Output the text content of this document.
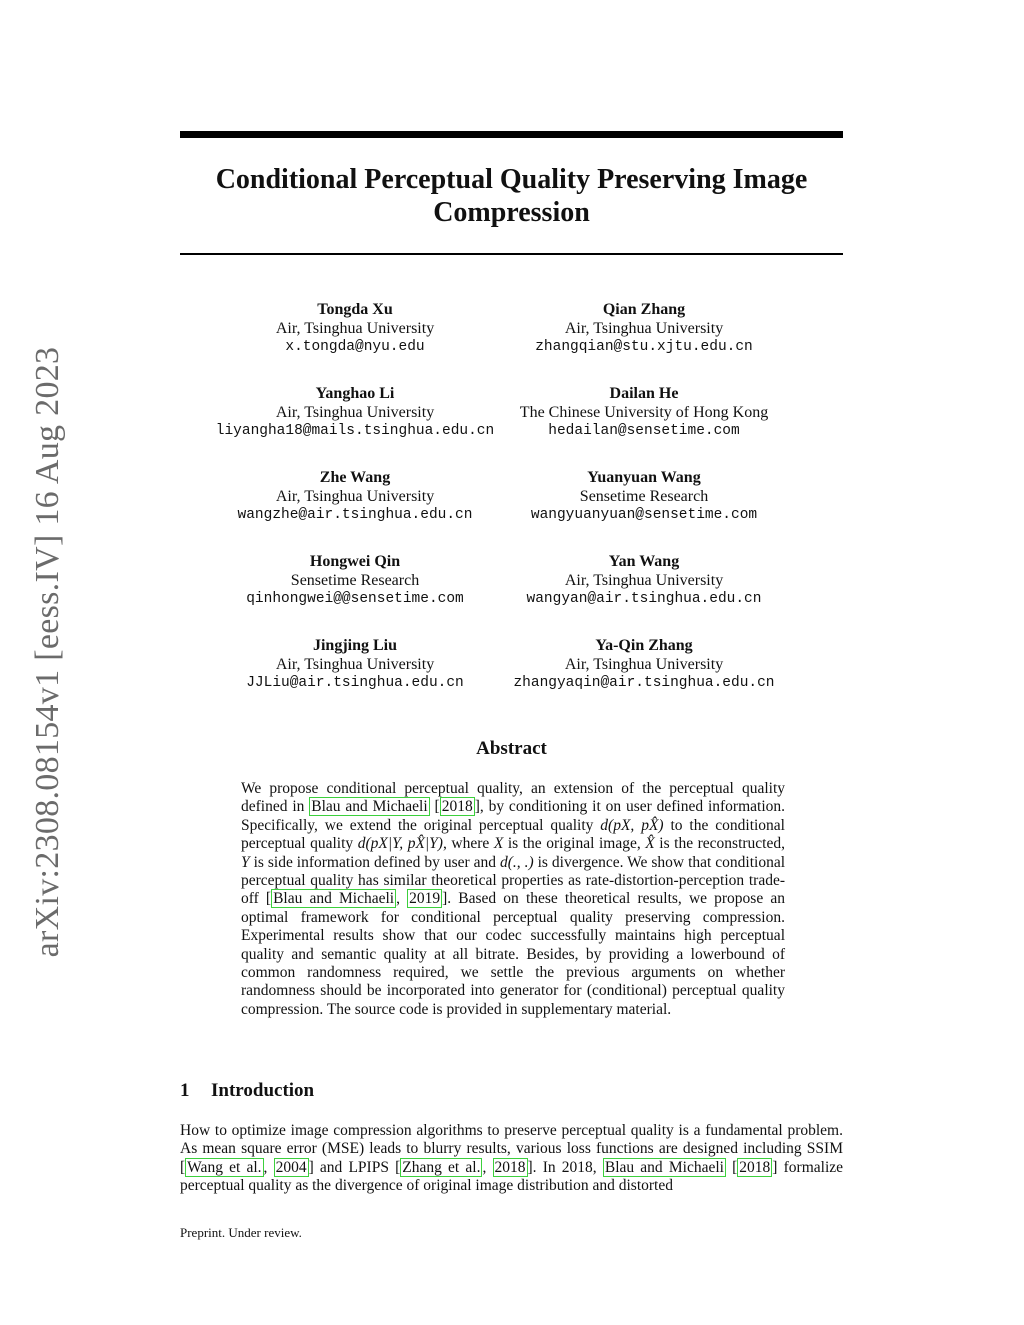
arXiv:2308.08154v1 [eess.IV] 16 Aug 2023
Conditional Perceptual Quality Preserving Image
Compression
Tongda Xu
Air, Tsinghua University
x.tongda@nyu.edu
Qian Zhang
Air, Tsinghua University
zhangqian@stu.xjtu.edu.cn
Yanghao Li
Air, Tsinghua University
liyangha18@mails.tsinghua.edu.cn
Dailan He
The Chinese University of Hong Kong
hedailan@sensetime.com
Zhe Wang
Air, Tsinghua University
wangzhe@air.tsinghua.edu.cn
Yuanyuan Wang
Sensetime Research
wangyuanyuan@sensetime.com
Hongwei Qin
Sensetime Research
qinhongwei@@sensetime.com
Yan Wang
Air, Tsinghua University
wangyan@air.tsinghua.edu.cn
Jingjing Liu
Air, Tsinghua University
JJLiu@air.tsinghua.edu.cn
Ya-Qin Zhang
Air, Tsinghua University
zhangyaqin@air.tsinghua.edu.cn
Abstract
We propose conditional perceptual quality, an extension of the perceptual quality defined in Blau and Michaeli [ 2018 ], by conditioning it on user defined information. Specifically, we extend the original perceptual quality d(pX, pX̂) to the conditional perceptual quality d(pX|Y, pX̂|Y), where X is the original image, X̂ is the reconstructed, Y is side information defined by user and d(., .) is divergence. We show that conditional perceptual quality has similar theoretical properties as rate-distortion-perception trade-off [ Blau and Michaeli , 2019 ]. Based on these theoretical results, we propose an optimal framework for conditional perceptual quality preserving compression. Experimental results show that our codec successfully maintains high perceptual quality and semantic quality at all bitrate. Besides, by providing a lowerbound of common randomness required, we settle the previous arguments on whether randomness should be incorporated into generator for (conditional) perceptual quality compression. The source code is provided in supplementary material.
1 Introduction
How to optimize image compression algorithms to preserve perceptual quality is a fundamental problem. As mean square error (MSE) leads to blurry results, various loss functions are designed including SSIM [ Wang et al. , 2004 ] and LPIPS [ Zhang et al. , 2018 ]. In 2018, Blau and Michaeli [ 2018 ] formalize perceptual quality as the divergence of original image distribution and distorted
Preprint. Under review.
